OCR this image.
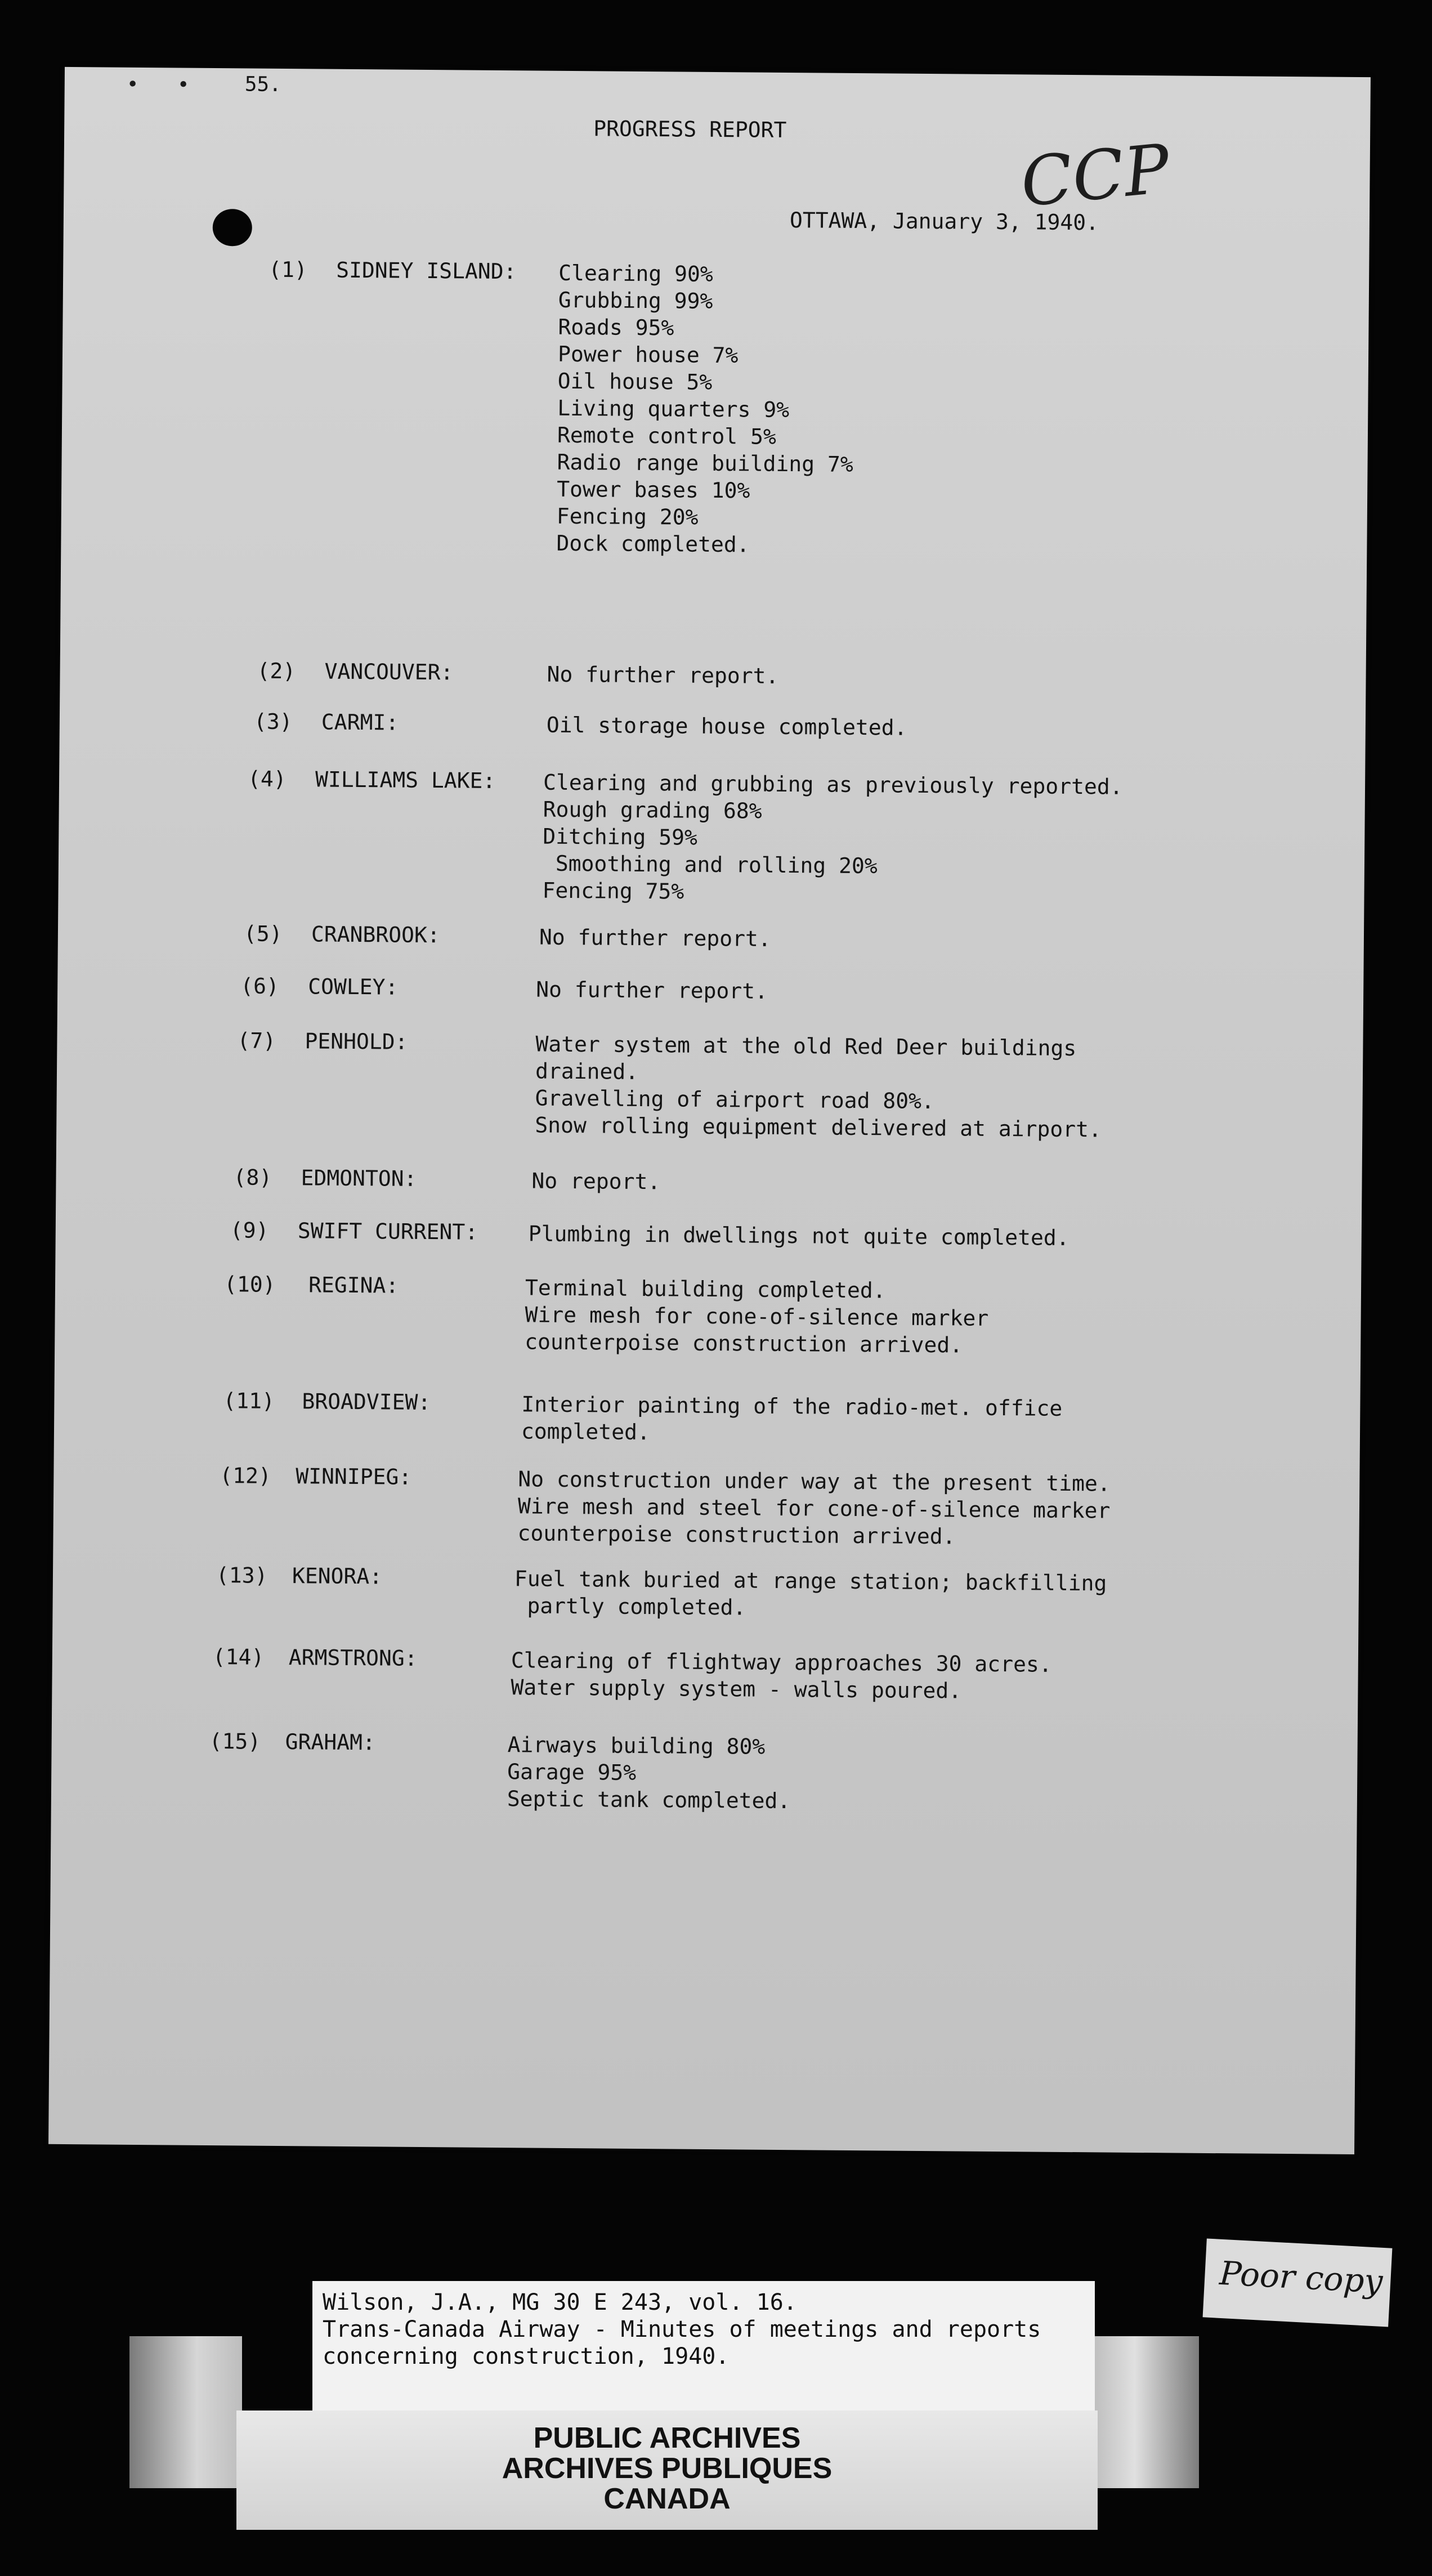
• •	55.
PROGRESS REPORT
CCP
OTTAWA, January 3, 1940.
(1) SIDNEY ISLAND: Clearing 90%
Grubbing 99%
Roads 95%
Power house 7%
Oil house 5%
Living quarters 9%
Remote control 5%
Radio range building 7%
Tower bases 10%
Fencing 20%
Dock completed.
(2) VANCOUVER:	No further report.
(3) CARMI:	Oil storage house completed.
(4) WILLIAMS LAKE: Clearing and grubbing as previously reported.
Rough grading 68%
Ditching 59%
Smoothing and rolling 20%
Fencing 75%
(5) CRANBROOK:	No further report.
(6) COWLEY:	No further report.
(7) PENHOLD:	Water system at the old Red Deer buildings
drained.
Gravelling of airport road 80%.
Snow rolling equipment delivered at airport.
(8) EDMONTON:	No report.
(9) SWIFT CURRENT: Plumbing in dwellings not quite completed.
(10) REGINA:	Terminal building completed.
Wire mesh for cone-of-silence marker
counterpoise construction arrived.
(11) BROADVIEW:	Interior painting of the radio-met. office
completed.
(12) WINNIPEG:	No construction under way at the present time.
Wire mesh and steel for cone-of-silence marker
counterpoise construction arrived.
(13) KENORA:	Fuel tank buried at range station; backfilling
partly completed.
(14) ARMSTRONG:	Clearing of flightway approaches 30 acres.
Water supply system - walls poured.
(15) GRAHAM:	Airways building 80%
Garage 95%
Septic tank completed.
Poor copy
Wilson, J.A., MG 30 E 243, vol. 16.
Trans-Canada Airway - Minutes of meetings and reports
concerning construction, 1940.
PUBLIC ARCHIVES
ARCHIVES PUBLIQUES
CANADA
